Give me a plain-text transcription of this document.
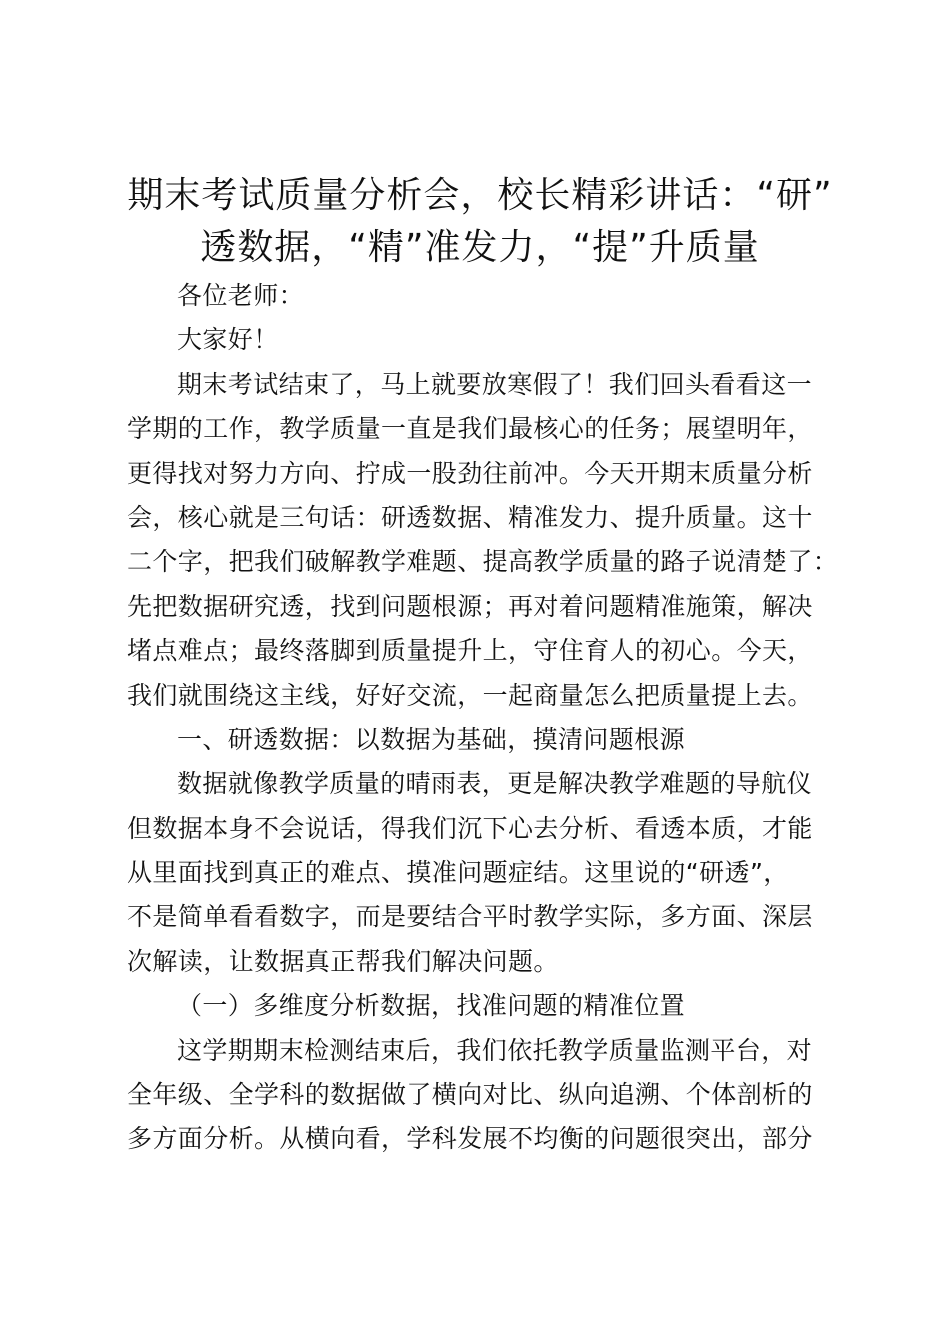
期末考试质量分析会，校长精彩讲话：“研”
透数据，“精”准发力，“提”升质量
各位老师：
大家好！
期末考试结束了，马上就要放寒假了！我们回头看看这一
学期的工作，教学质量一直是我们最核心的任务；展望明年，
更得找对努力方向、拧成一股劲往前冲。今天开期末质量分析
会，核心就是三句话：研透数据、精准发力、提升质量。这十
二个字，把我们破解教学难题、提高教学质量的路子说清楚了：
先把数据研究透，找到问题根源；再对着问题精准施策，解决
堵点难点；最终落脚到质量提升上，守住育人的初心。今天，
我们就围绕这主线，好好交流，一起商量怎么把质量提上去。
一、研透数据：以数据为基础，摸清问题根源
数据就像教学质量的晴雨表，更是解决教学难题的导航仪
但数据本身不会说话，得我们沉下心去分析、看透本质，才能
从里面找到真正的难点、摸准问题症结。这里说的“研透”，
不是简单看看数字，而是要结合平时教学实际，多方面、深层
次解读，让数据真正帮我们解决问题。
（一）多维度分析数据，找准问题的精准位置
这学期期末检测结束后，我们依托教学质量监测平台，对
全年级、全学科的数据做了横向对比、纵向追溯、个体剖析的
多方面分析。从横向看，学科发展不均衡的问题很突出，部分
